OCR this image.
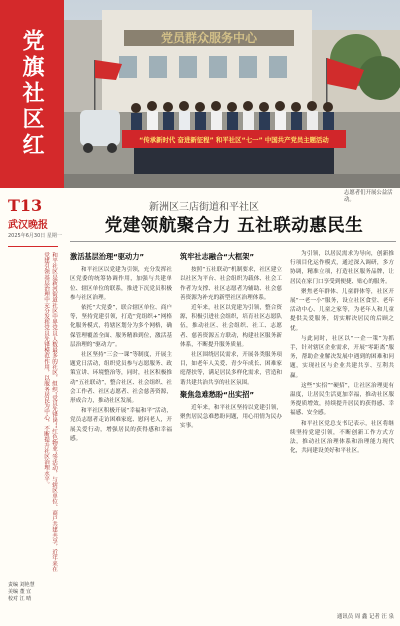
党旗社区红
T13
武汉晚报
2025年6月30日 星期一
和平社区是新河街道社区中界党员人数最多的社区，组织“党员先锋岗”“红色物业”等活动，与辖区单位、商户共建共享，近年来在党建引领基层治理中充分发挥党员先锋模范作用，以服务居民为中心，不断提升社区治理水平。
责编 刘艳慧
美编 董 宜
校对 江 晴
党员群众服务中心
“传承新时代 奋进新征程” 和平社区“七一” 中国共产党员主题活动
志愿者们开展公益活动。
新洲区三店街道和平社区
党建领航聚合力 五社联动惠民生
激活基层治理“驱动力”

和平社区以党建为引领，充分发挥社区党委的统筹协调作用，加强与共建单位、辖区单位的联系，推进下沉党员积极参与社区治理。

依托“大党委”，联合辖区单位、商户等，坚持党建引领，打造“党组织+”网格化服务模式，将辖区划分为多个网格，确保管理覆盖全面、服务精准到位，激活基层治理的“驱动力”。

社区坚持“三会一课”等制度，开展主题党日活动，组织党员参与志愿服务、政策宣讲、环境整治等，同时，社区积极推动“五社联动”，整合社区、社会组织、社会工作者、社区志愿者、社会慈善资源，形成合力，推动社区发展。

和平社区积极开展“幸福和平”活动，党员志愿者走访困难家庭、慰问老人，开展关爱行动，增强居民的获得感和幸福感。

筑牢社志融合“大框架”

按照“五社联动”机制要求，社区建立以社区为平台、社会组织为载体、社会工作者为支撑、社区志愿者为辅助、社会慈善资源为补充的新型社区治理体系。

近年来，社区以党建为引领，整合资源，积极引进社会组织，培育社区志愿队伍，推动社区、社会组织、社工、志愿者、慈善资源五方联动，构建社区服务新体系，不断提升服务质量。

社区围绕居民需求，开展各类服务项目，如老年人关爱、青少年成长、困难家庭帮扶等，满足居民多样化需求，营造和谐共建共治共享的社区氛围。

聚焦急难愁盼“出实招”

近年来，和平社区坚持以党建引领，聚焦居民急难愁盼问题，用心用情为民办实事。

为引领，以居民需求为导向，创新推行项目化运作模式，通过深入调研，多方协调，精准立项，打造社区服务品牌，让居民在家门口享受到便捷、贴心的服务。

聚焦老年群体、儿童群体等，社区开展“一老一小”服务，设立社区食堂、老年活动中心、儿童之家等，为老年人和儿童提供关爱服务，切实解决居民的后顾之忧。

与此同时，社区以“一企一策”为抓手，针对辖区企业需求，开展“零距离”服务，帮助企业解决发展中遇到的困难和问题，实现社区与企业共建共享、互利共赢。

这些“实招”“硬招”，让社区治理更有温度，让居民生活更加幸福，推动社区服务提质增效，持续提升居民的获得感、幸福感、安全感。

和平社区党总支书记表示，社区将继续坚持党建引领，不断创新工作方式方法，推动社区治理体系和治理能力现代化，共同建设美好和平社区。

通讯员 周 鑫 记者 汪 泉
